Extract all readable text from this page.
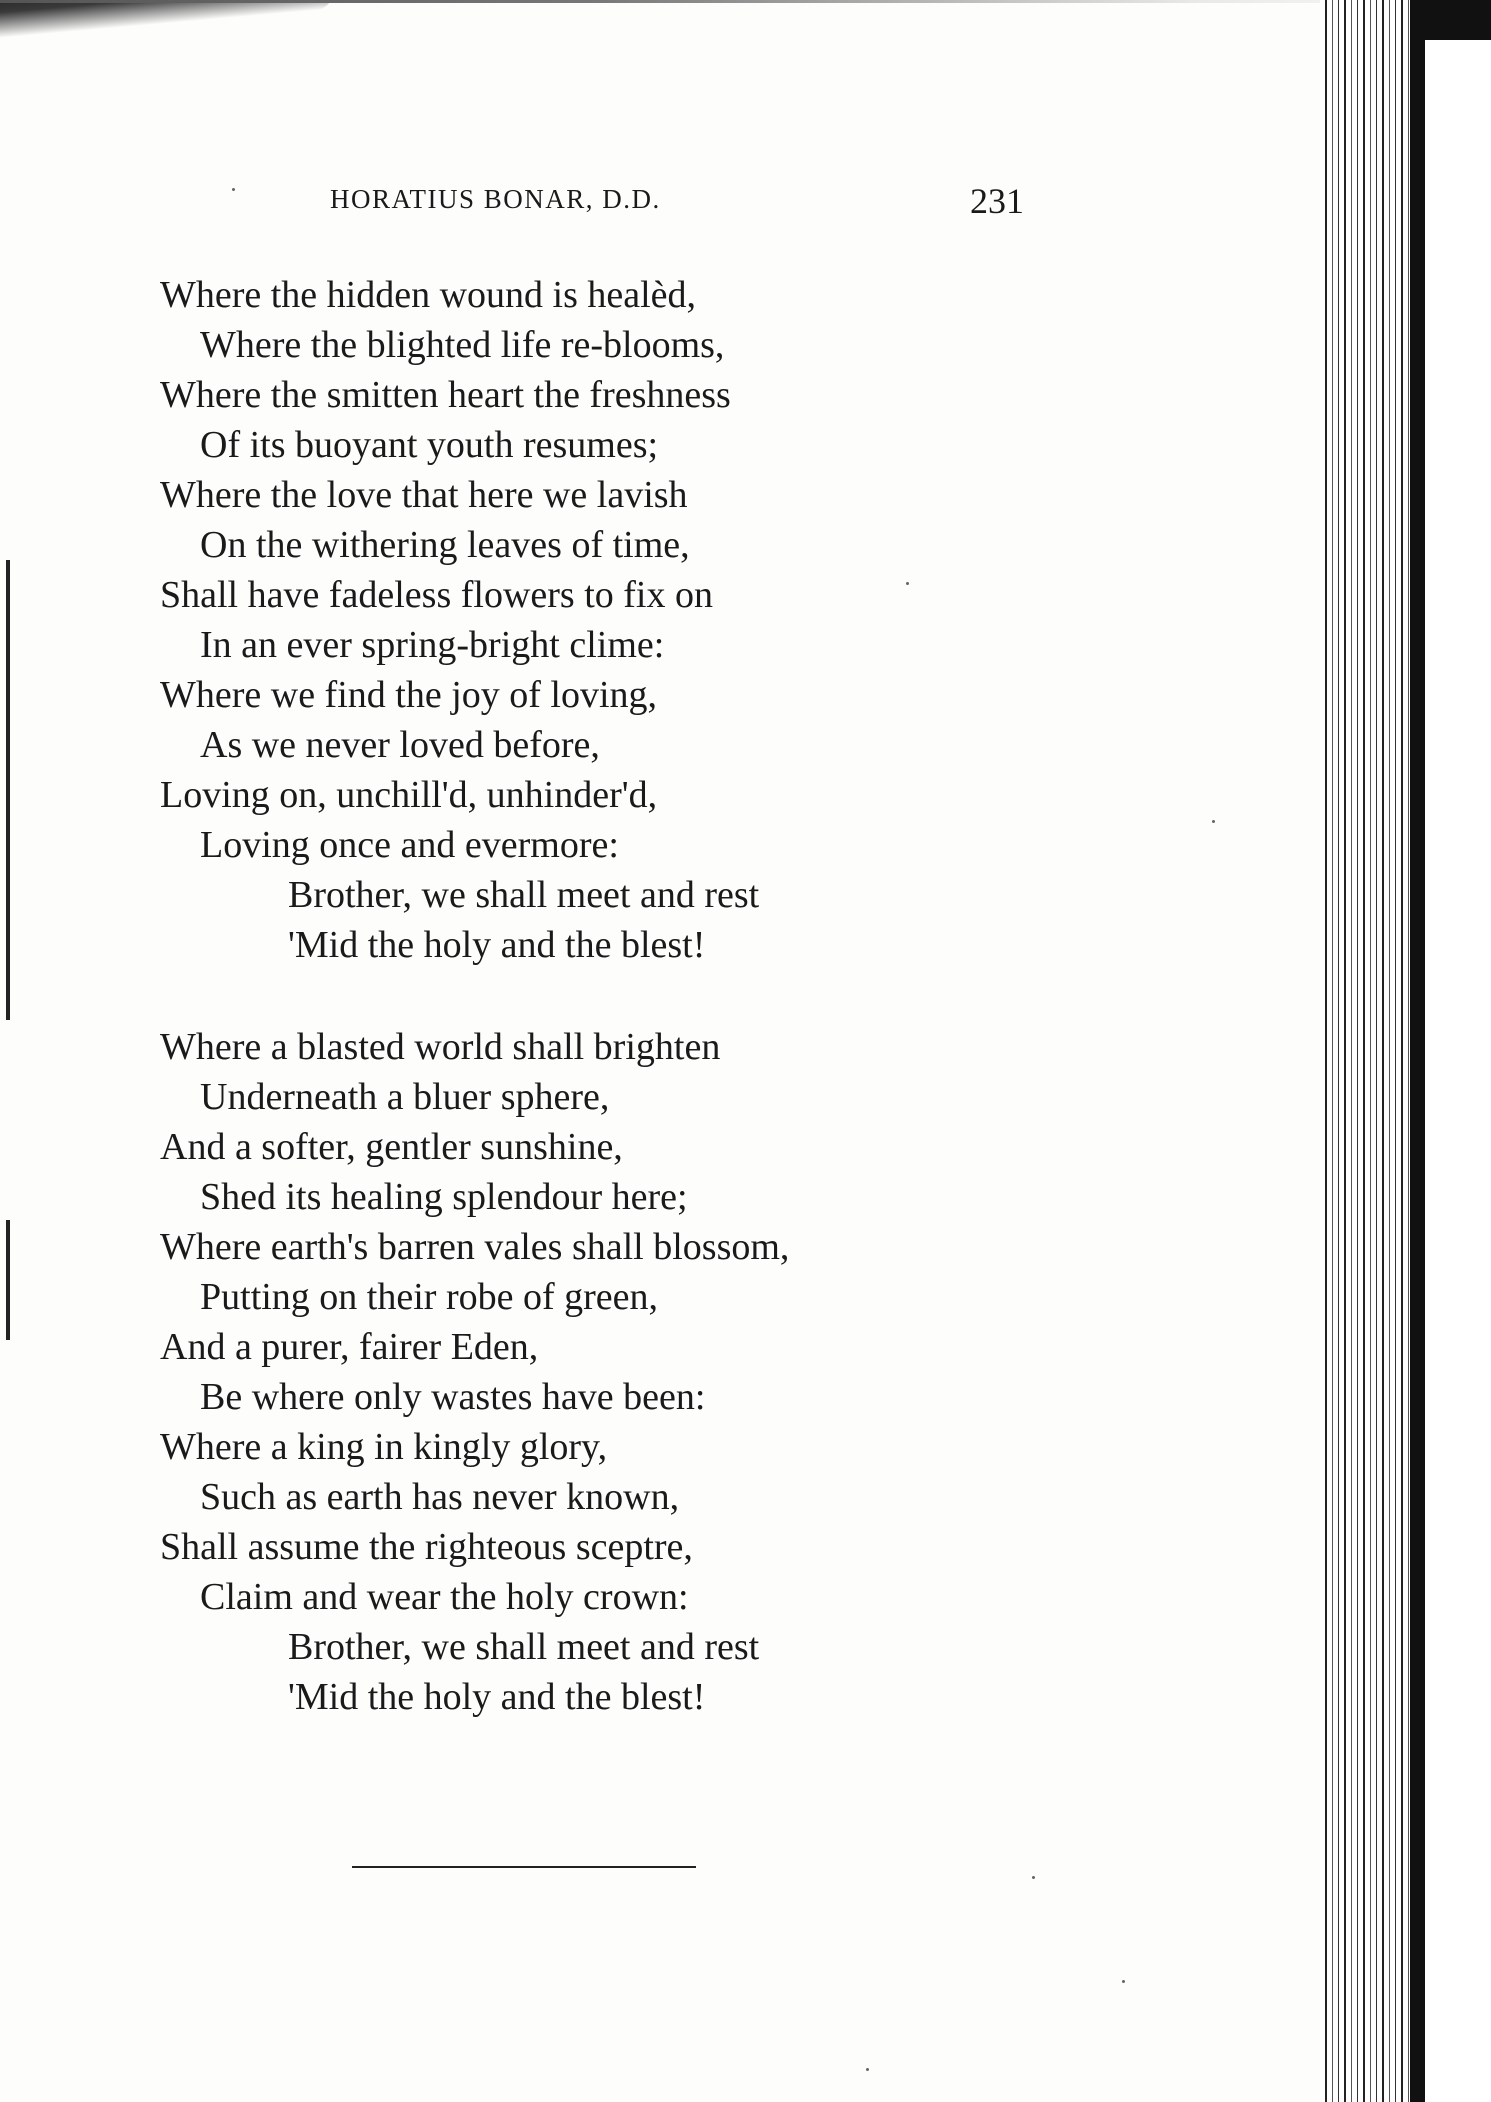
HORATIUS BONAR, D.D.	231
Where the hidden wound is healèd,
Where the blighted life re-blooms,
Where the smitten heart the freshness
Of its buoyant youth resumes;
Where the love that here we lavish
On the withering leaves of time,
Shall have fadeless flowers to fix on
In an ever spring-bright clime:
Where we find the joy of loving,
As we never loved before,
Loving on, unchill'd, unhinder'd,
Loving once and evermore:
Brother, we shall meet and rest
'Mid the holy and the blest!
Where a blasted world shall brighten
Underneath a bluer sphere,
And a softer, gentler sunshine,
Shed its healing splendour here;
Where earth's barren vales shall blossom,
Putting on their robe of green,
And a purer, fairer Eden,
Be where only wastes have been:
Where a king in kingly glory,
Such as earth has never known,
Shall assume the righteous sceptre,
Claim and wear the holy crown:
Brother, we shall meet and rest
'Mid the holy and the blest!
